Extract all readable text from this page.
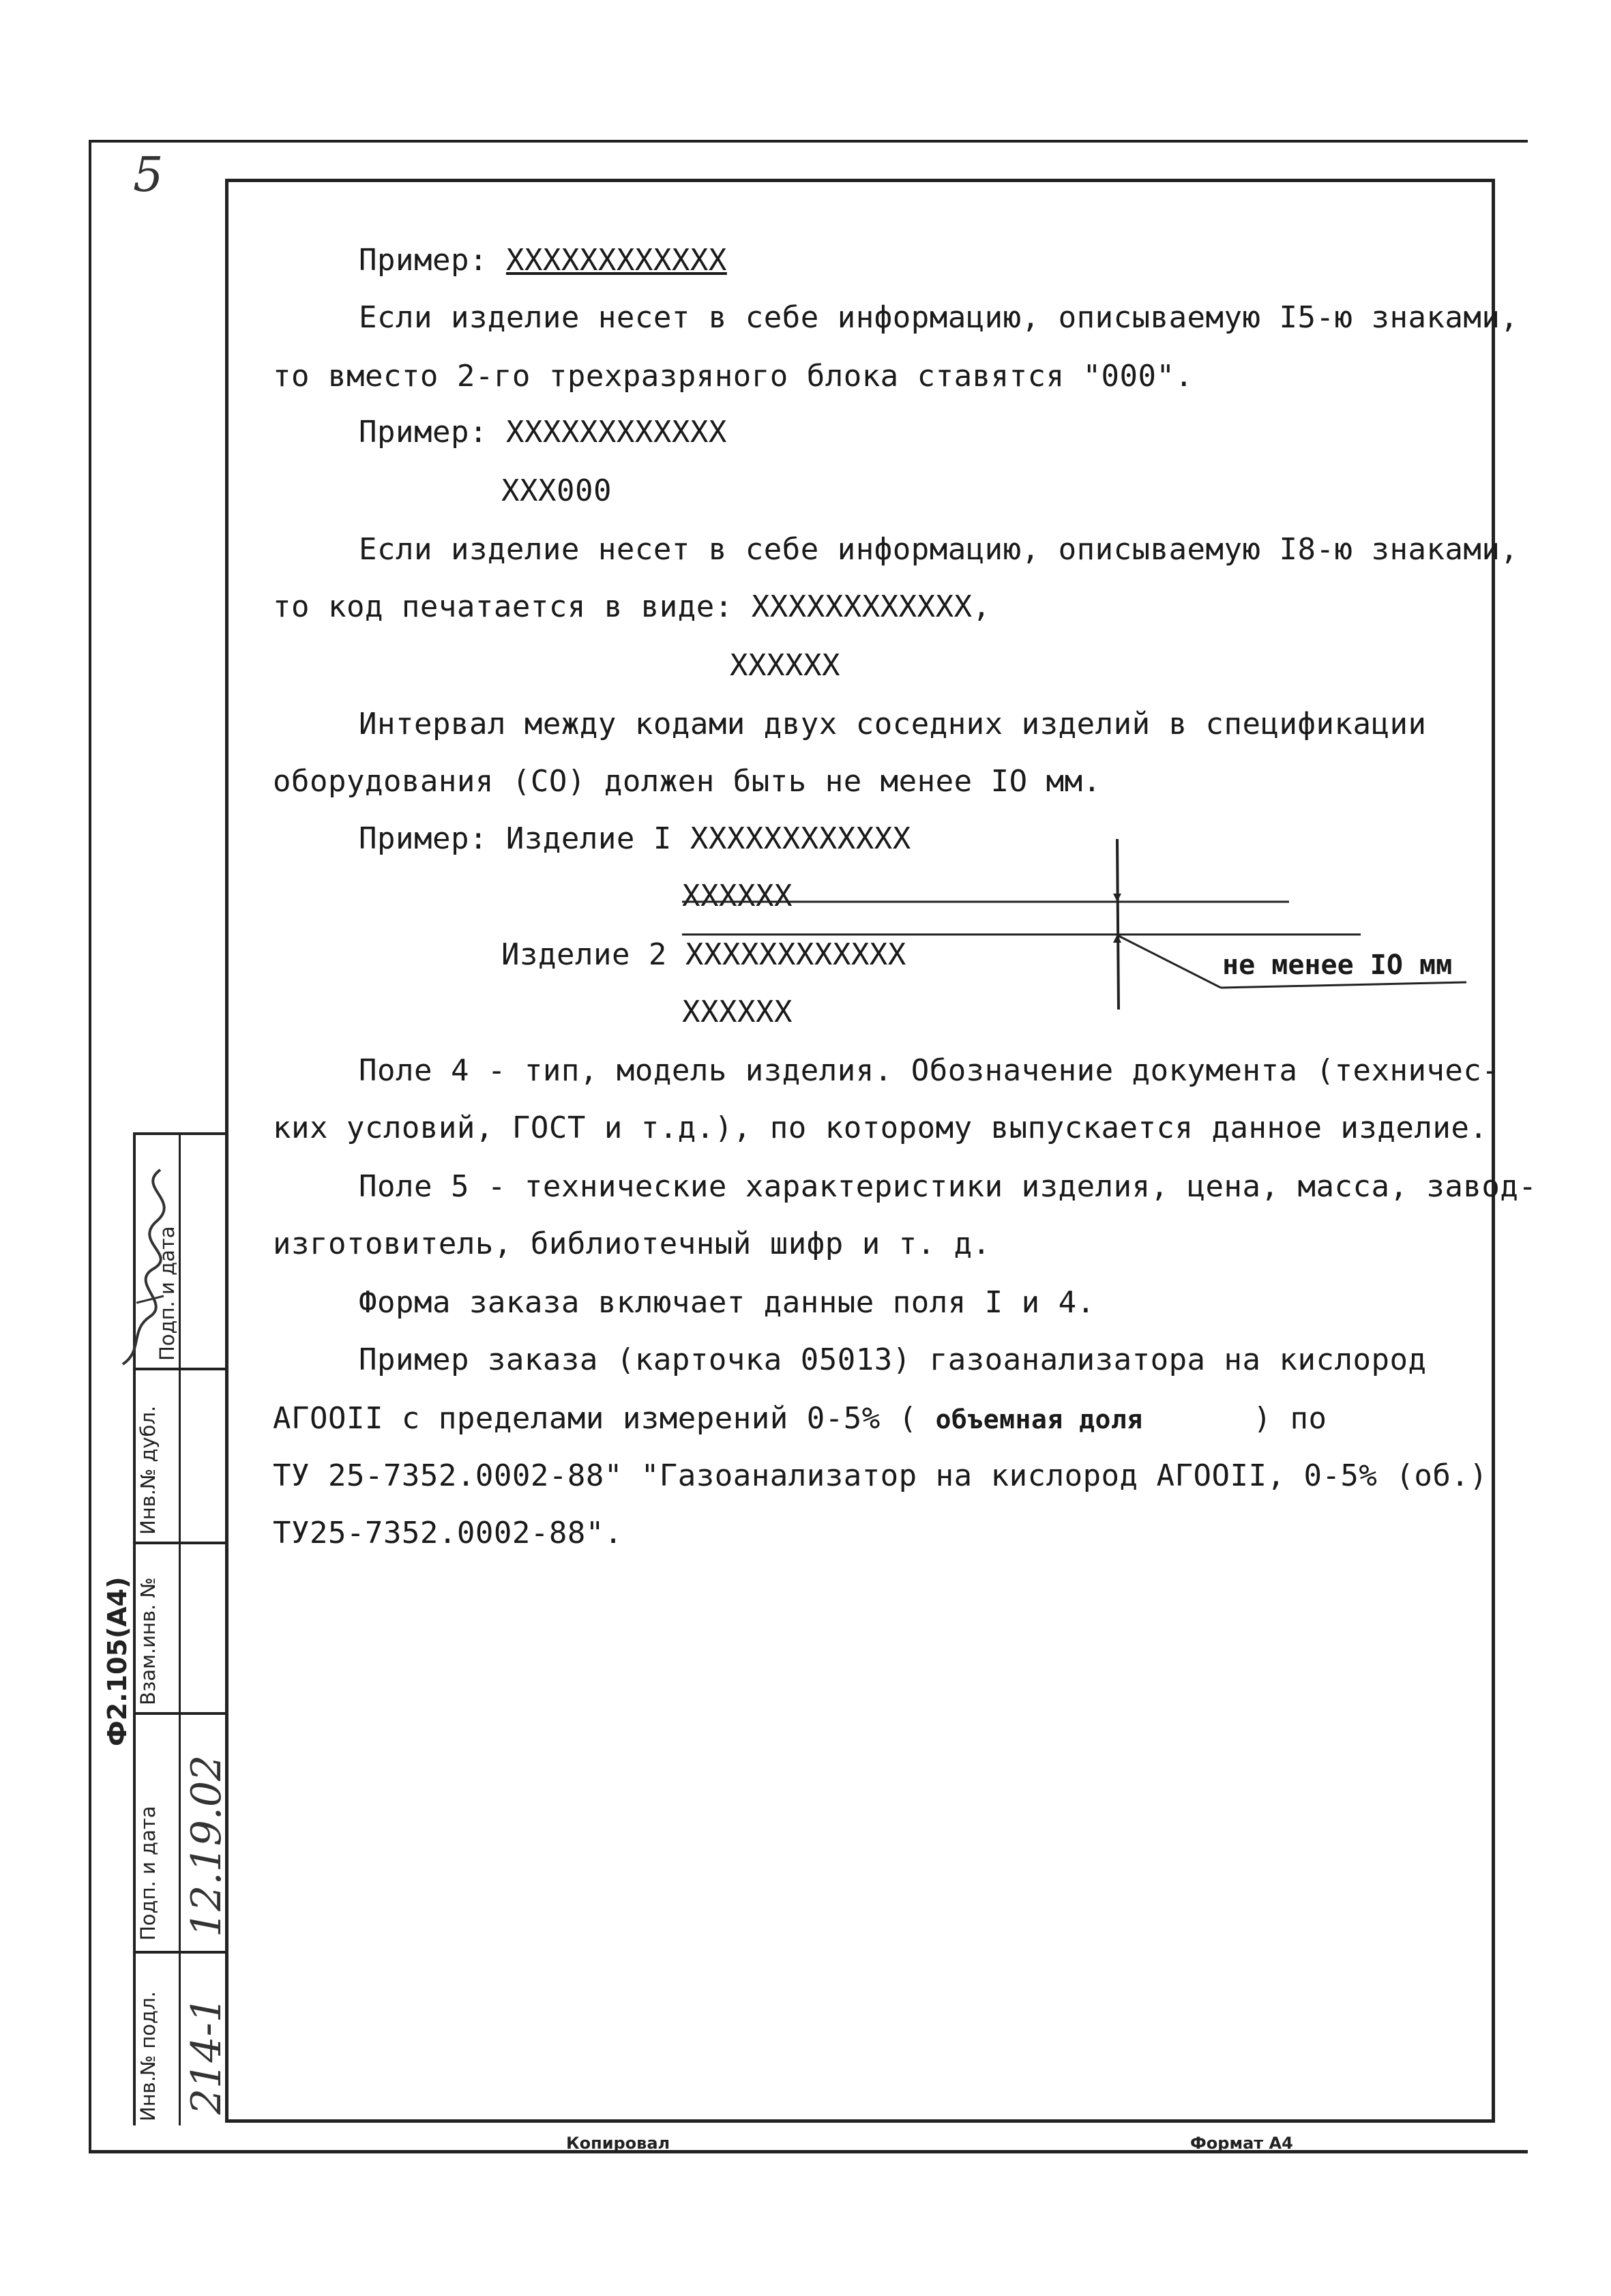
5
Пример: XXXXXXXXXXXX
Если изделие несет в себе информацию, описываемую I5-ю знаками,
то вместо 2-го трехразряного блока ставятся "000".
Пример: XXXXXXXXXXXX
XXX000
Если изделие несет в себе информацию, описываемую I8-ю знаками,
то код печатается в виде: XXXXXXXXXXXX,
XXXXXX
Интервал между кодами двух соседних изделий в спецификации
оборудования (СО) должен быть не менее IO мм.
Пример: Изделие I XXXXXXXXXXXX
XXXXXX
Изделие 2 XXXXXXXXXXXX
XXXXXX
Поле 4 - тип, модель изделия. Обозначение документа (техничес-
ких условий, ГОСТ и т.д.), по которому выпускается данное изделие.
Поле 5 - технические характеристики изделия, цена, масса, завод-
изготовитель, библиотечный шифр и т. д.
Форма заказа включает данные поля I и 4.
Пример заказа (карточка 05013) газоанализатора на кислород
АГООII с пределами измерений 0-5% ( объемная доля	) по
ТУ 25-7352.0002-88" "Газоанализатор на кислород АГООII, 0-5% (об.)
ТУ25-7352.0002-88".
не менее IO мм
Инв.№ подл.
Подп. и дата
Взам.инв. №
Инв.№ дубл.
Подп. и дата
214-1
12.19.02
Ф2.105(А4)
Копировал	Формат А4
